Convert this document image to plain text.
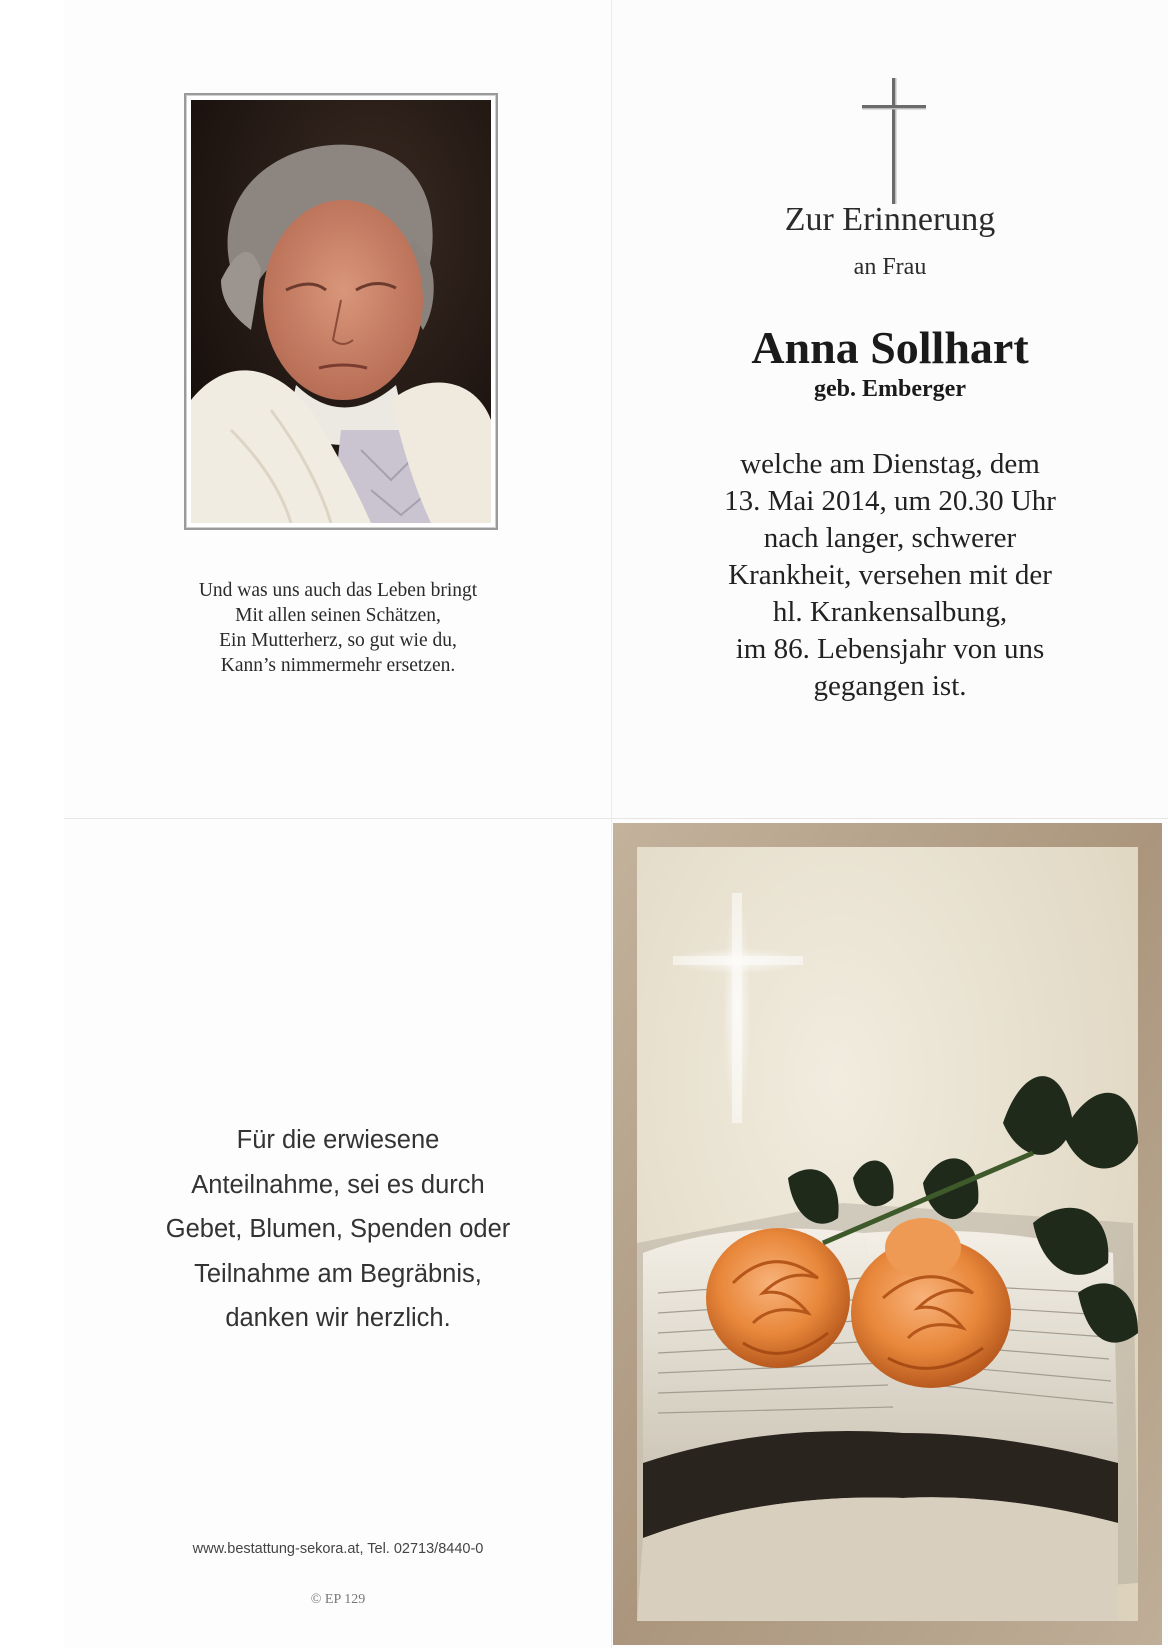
Und was uns auch das Leben bringt
Mit allen seinen Schätzen,
Ein Mutterherz, so gut wie du,
Kann’s nimmermehr ersetzen.
Zur Erinnerung
an Frau
Anna Sollhart
geb. Emberger
welche am Dienstag, dem
13. Mai 2014, um 20.30 Uhr
nach langer, schwerer
Krankheit, versehen mit der
hl. Krankensalbung,
im 86. Lebensjahr von uns
gegangen ist.
Für die erwiesene
Anteilnahme, sei es durch
Gebet, Blumen, Spenden oder
Teilnahme am Begräbnis,
danken wir herzlich.
www.bestattung-sekora.at, Tel. 02713/8440-0
© EP 129
